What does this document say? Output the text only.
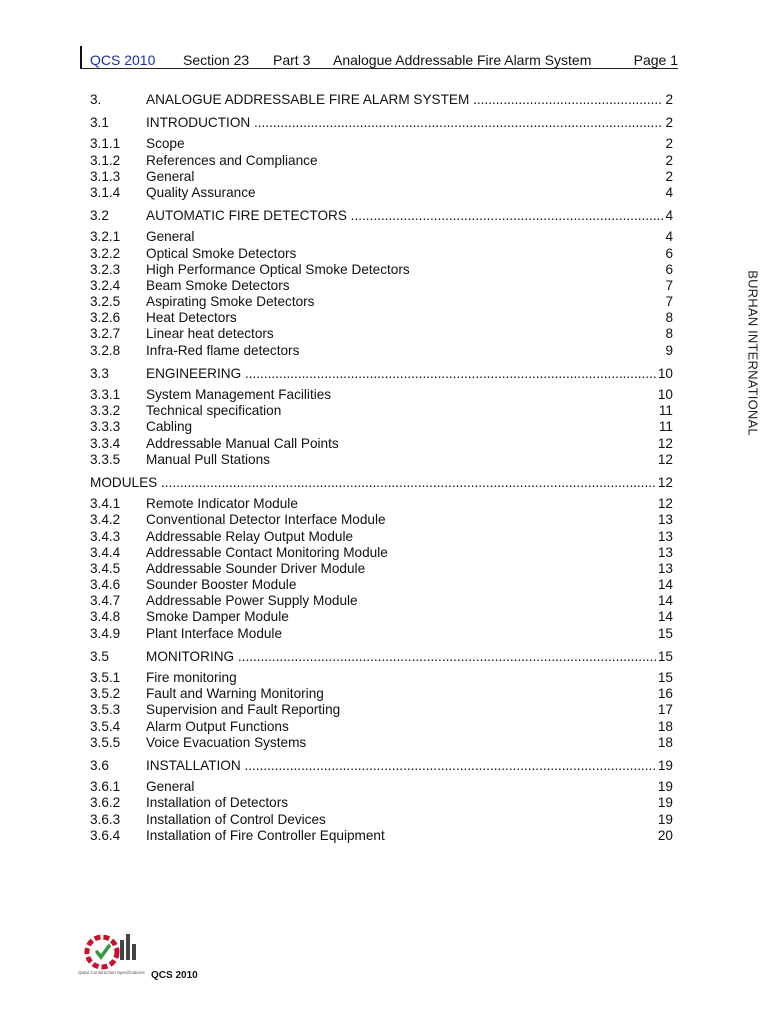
QCS 2010 Section 23 Part 3 Analogue Addressable Fire Alarm System	Page 1
3.	ANALOGUE ADDRESSABLE FIRE ALARM SYSTEM .....	2
3.1	INTRODUCTION .....	2
3.1.1 Scope	2
3.1.2 References and Compliance	2
3.1.3 General	2
3.1.4 Quality Assurance	4
3.2	AUTOMATIC FIRE DETECTORS .....	4
3.2.1 General	4
3.2.2 Optical Smoke Detectors	6
3.2.3 High Performance Optical Smoke Detectors	6
3.2.4 Beam Smoke Detectors	7
3.2.5 Aspirating Smoke Detectors	7
3.2.6 Heat Detectors	8
3.2.7 Linear heat detectors	8
3.2.8 Infra-Red flame detectors	9
3.3	ENGINEERING .....	10
3.3.1 System Management Facilities	10
3.3.2 Technical specification	11
3.3.3 Cabling	11
3.3.4 Addressable Manual Call Points	12
3.3.5 Manual Pull Stations	12
MODULES .....	12
3.4.1 Remote Indicator Module	12
3.4.2 Conventional Detector Interface Module	13
3.4.3 Addressable Relay Output Module	13
3.4.4 Addressable Contact Monitoring Module	13
3.4.5 Addressable Sounder Driver Module	13
3.4.6 Sounder Booster Module	14
3.4.7 Addressable Power Supply Module	14
3.4.8 Smoke Damper Module	14
3.4.9 Plant Interface Module	15
3.5	MONITORING .....	15
3.5.1 Fire monitoring	15
3.5.2 Fault and Warning Monitoring	16
3.5.3 Supervision and Fault Reporting	17
3.5.4 Alarm Output Functions	18
3.5.5 Voice Evacuation Systems	18
3.6	INSTALLATION .....	19
3.6.1 General	19
3.6.2 Installation of Detectors	19
3.6.3 Installation of Control Devices	19
3.6.4 Installation of Fire Controller Equipment	20
BURHAN INTERNATIONAL
Qatar Construction Specifications QCS 2010
